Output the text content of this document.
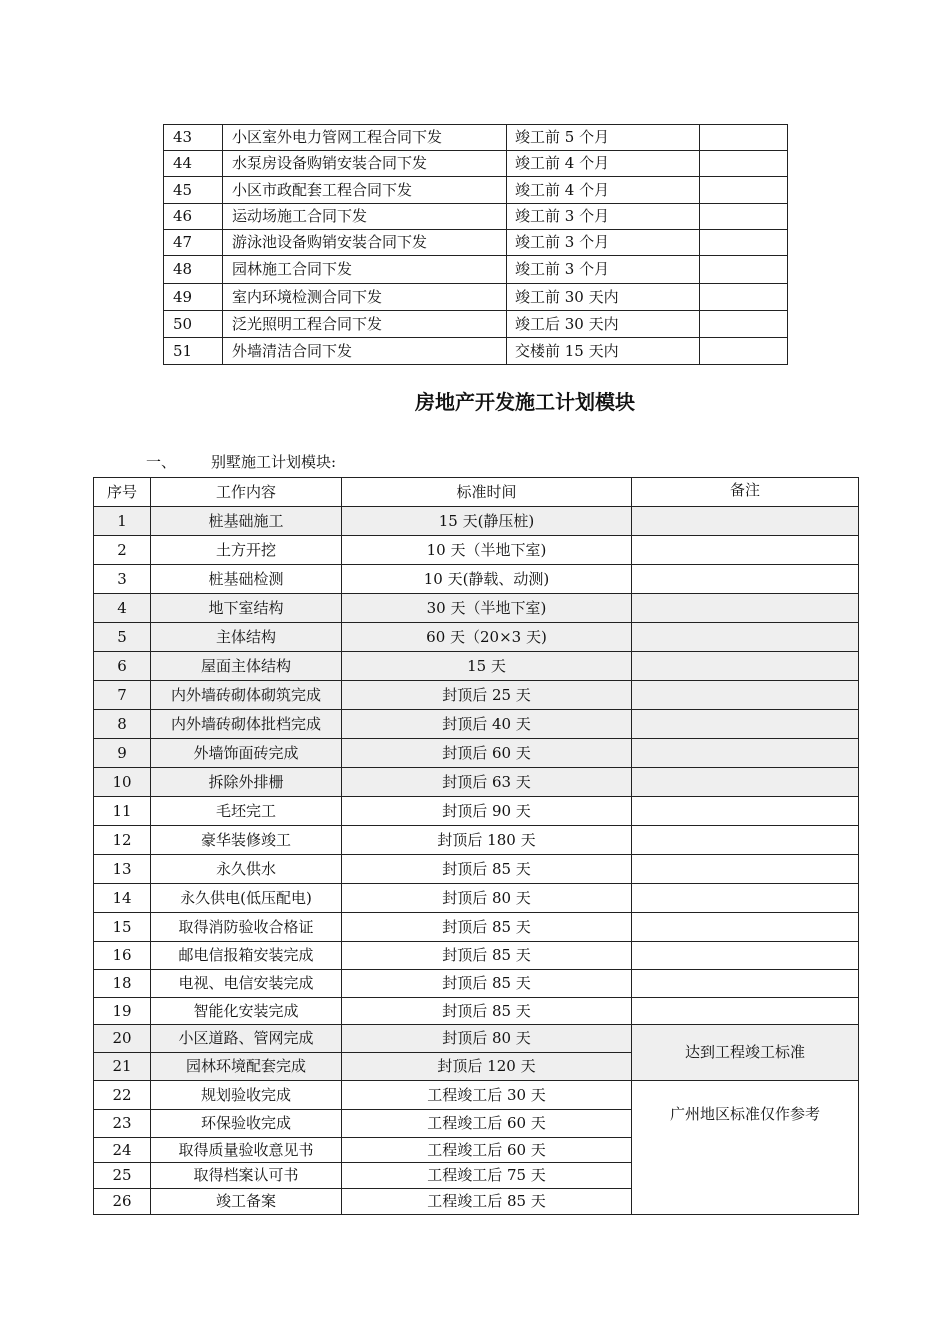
43	小区室外电力管网工程合同下发	竣工前 5 个月	
44	水泵房设备购销安装合同下发	竣工前 4 个月	
45	小区市政配套工程合同下发	竣工前 4 个月	
46	运动场施工合同下发	竣工前 3 个月	
47	游泳池设备购销安装合同下发	竣工前 3 个月	
48	园林施工合同下发	竣工前 3 个月	
49	室内环境检测合同下发	竣工前 30 天内	
50	泛光照明工程合同下发	竣工后 30 天内	
51	外墙清洁合同下发	交楼前 15 天内	
房地产开发施工计划模块
一、 别墅施工计划模块:
序号	工作内容	标准时间	备注
1	桩基础施工	15 天(静压桩)	
2	土方开挖	10 天（半地下室)	
3	桩基础检测	10 天(静载、动测)	
4	地下室结构	30 天（半地下室)	
5	主体结构	60 天（20×3 天)	
6	屋面主体结构	15 天	
7	内外墙砖砌体砌筑完成	封顶后 25 天	
8	内外墙砖砌体批档完成	封顶后 40 天	
9	外墙饰面砖完成	封顶后 60 天	
10	拆除外排栅	封顶后 63 天	
11	毛坯完工	封顶后 90 天	
12	豪华装修竣工	封顶后 180 天	
13	永久供水	封顶后 85 天	
14	永久供电(低压配电)	封顶后 80 天	
15	取得消防验收合格证	封顶后 85 天	
16	邮电信报箱安装完成	封顶后 85 天	
18	电视、电信安装完成	封顶后 85 天	
19	智能化安装完成	封顶后 85 天	
20	小区道路、管网完成	封顶后 80 天	达到工程竣工标准
21	园林环境配套完成	封顶后 120 天	
22	规划验收完成	工程竣工后 30 天	广州地区标准仅作参考
23	环保验收完成	工程竣工后 60 天	
24	取得质量验收意见书	工程竣工后 60 天	
25	取得档案认可书	工程竣工后 75 天	
26	竣工备案	工程竣工后 85 天	
